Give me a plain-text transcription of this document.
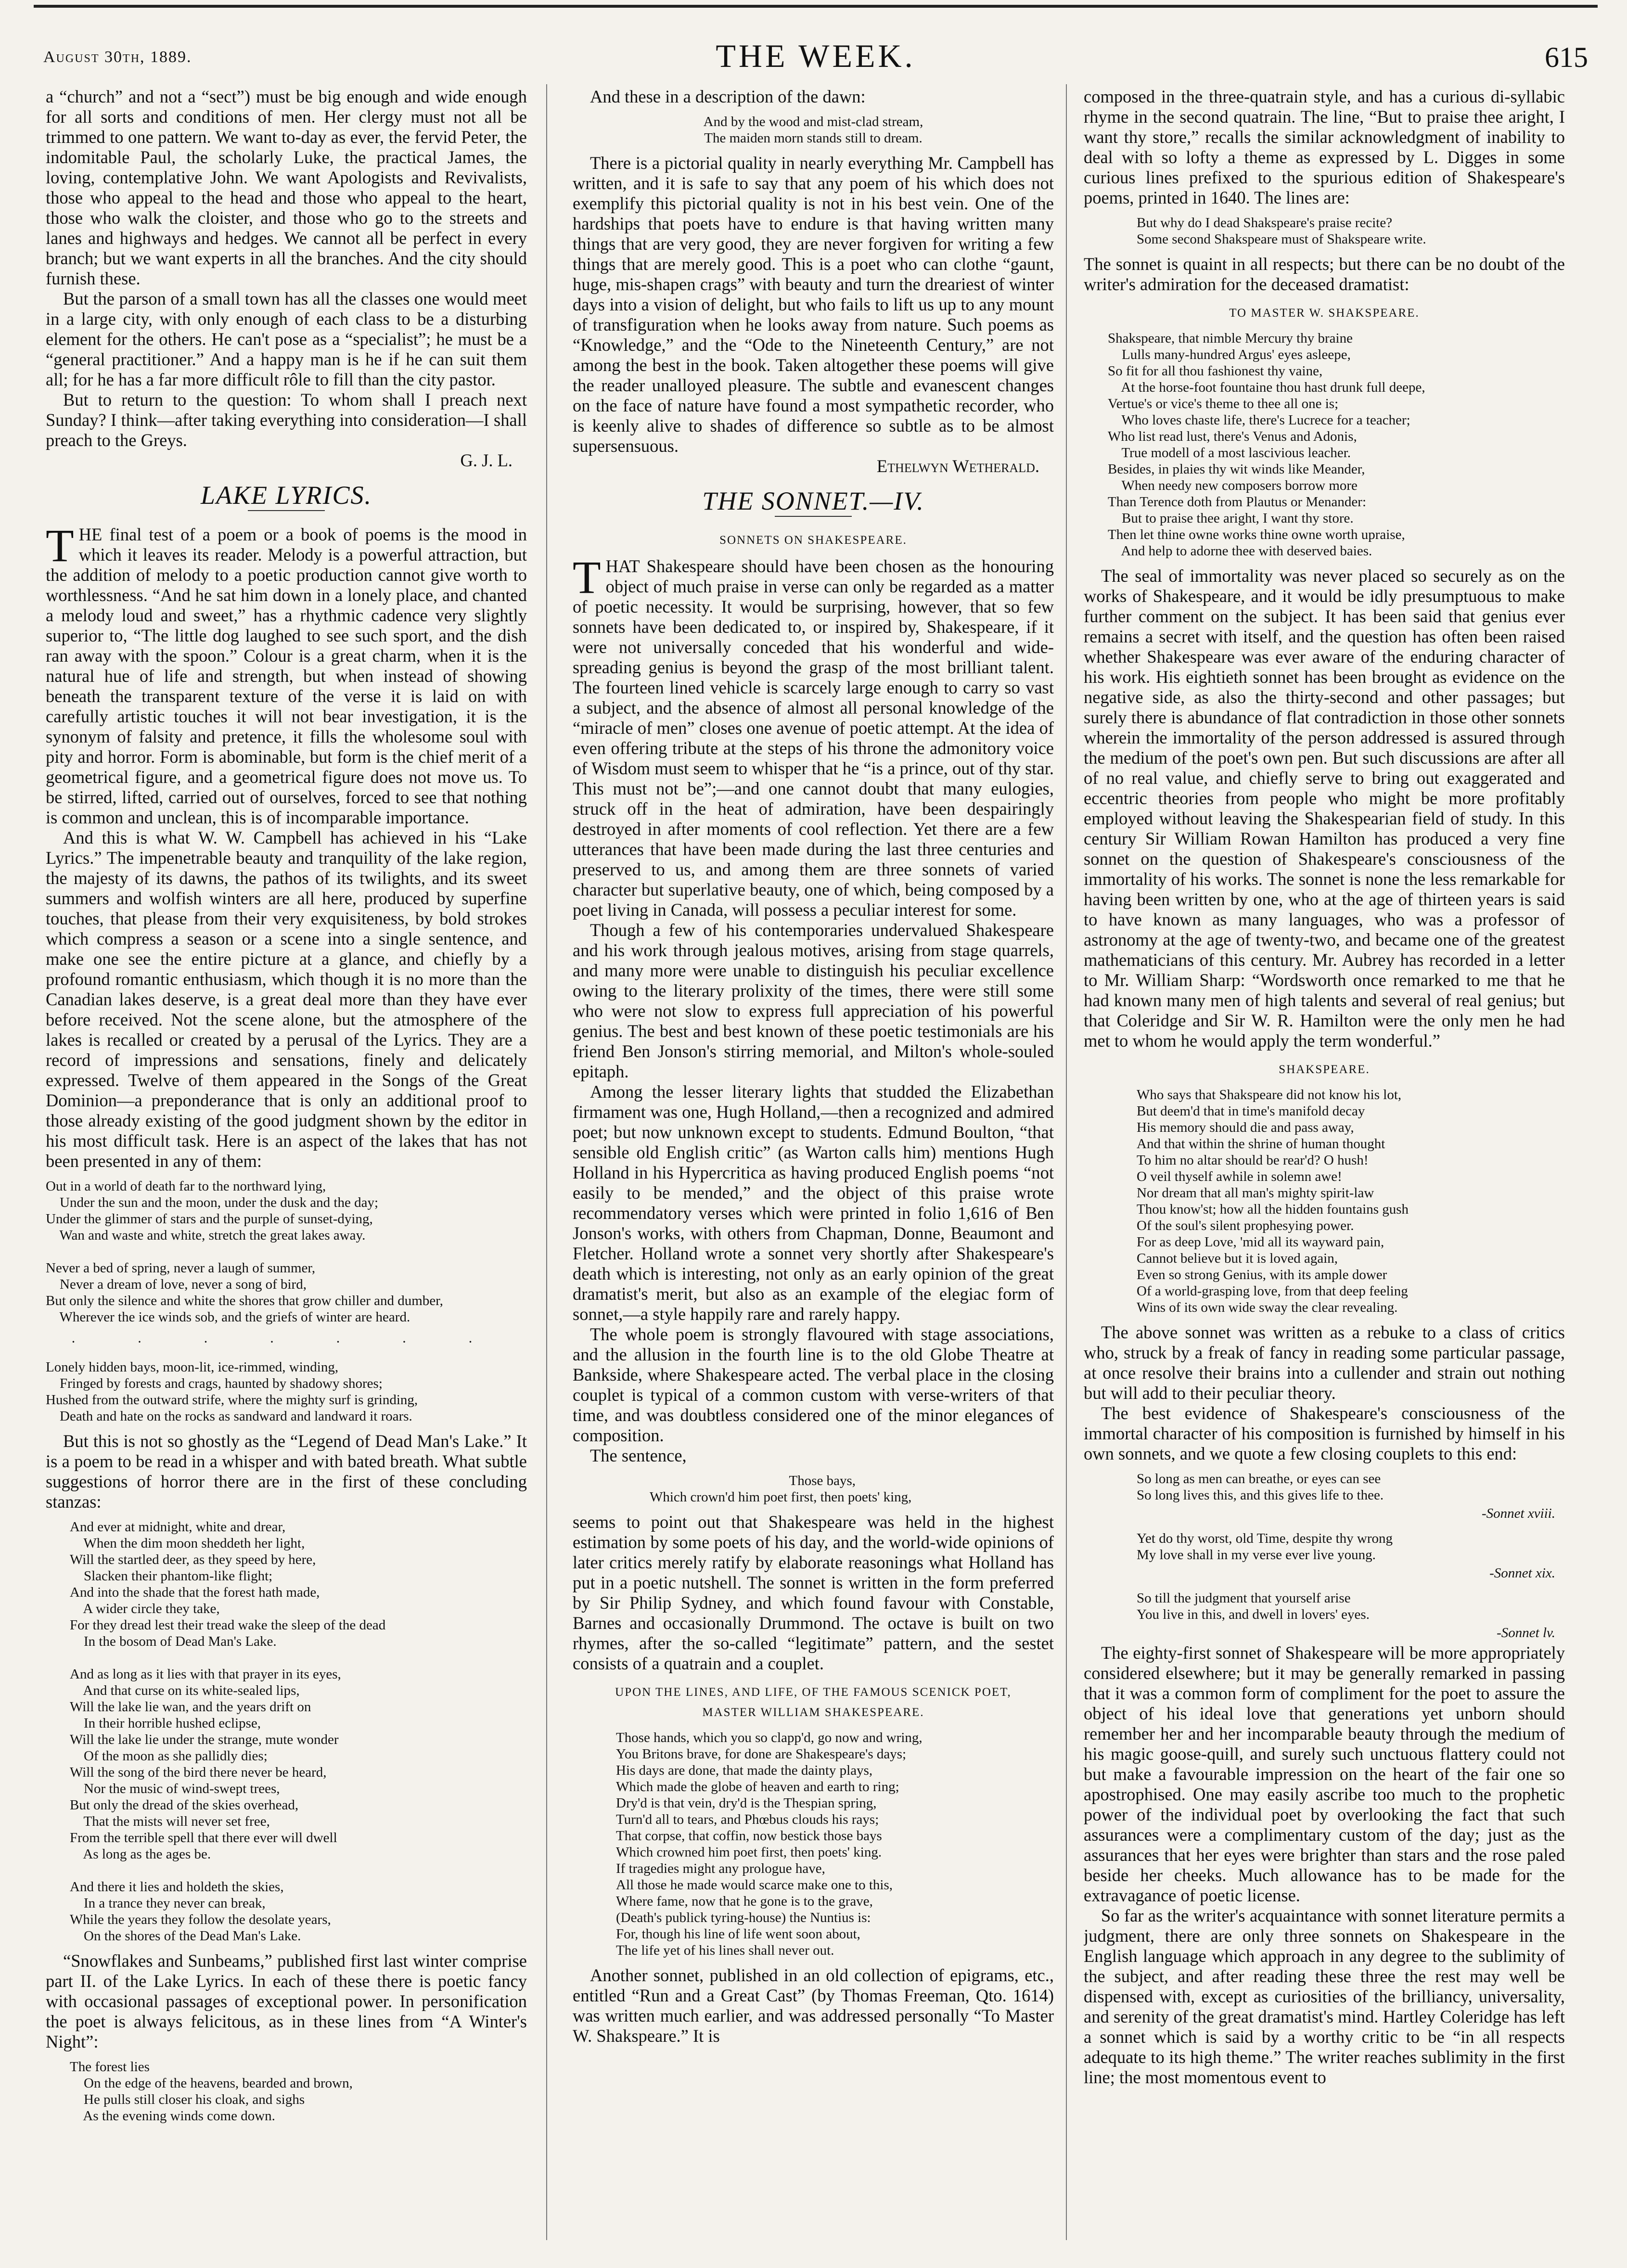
August 30th, 1889.	THE WEEK.	615

a “church” and not a “sect”) must be big enough and wide enough for all sorts and conditions of men. Her clergy must not all be trimmed to one pattern. We want to-day as ever, the fervid Peter, the indomitable Paul, the scholarly Luke, the practical James, the loving, contemplative John. We want Apologists and Revivalists, those who appeal to the head and those who appeal to the heart, those who walk the cloister, and those who go to the streets and lanes and highways and hedges. We cannot all be perfect in every branch; but we want experts in all the branches. And the city should furnish these.

But the parson of a small town has all the classes one would meet in a large city, with only enough of each class to be a disturbing element for the others. He can't pose as a “specialist”; he must be a “general practitioner.” And a happy man is he if he can suit them all; for he has a far more difficult rôle to fill than the city pastor.

But to return to the question: To whom shall I preach next Sunday? I think—after taking everything into consideration—I shall preach to the Greys.

G. J. L.
LAKE LYRICS.

THE final test of a poem or a book of poems is the mood in which it leaves its reader. Melody is a powerful attraction, but the addition of melody to a poetic production cannot give worth to worthlessness. “And he sat him down in a lonely place, and chanted a melody loud and sweet,” has a rhythmic cadence very slightly superior to, “The little dog laughed to see such sport, and the dish ran away with the spoon.” Colour is a great charm, when it is the natural hue of life and strength, but when instead of showing beneath the transparent texture of the verse it is laid on with carefully artistic touches it will not bear investigation, it is the synonym of falsity and pretence, it fills the wholesome soul with pity and horror. Form is abominable, but form is the chief merit of a geometrical figure, and a geometrical figure does not move us. To be stirred, lifted, carried out of ourselves, forced to see that nothing is common and unclean, this is of incomparable importance.

And this is what W. W. Campbell has achieved in his “Lake Lyrics.” The impenetrable beauty and tranquility of the lake region, the majesty of its dawns, the pathos of its twilights, and its sweet summers and wolfish winters are all here, produced by superfine touches, that please from their very exquisiteness, by bold strokes which compress a season or a scene into a single sentence, and make one see the entire picture at a glance, and chiefly by a profound romantic enthusiasm, which though it is no more than the Canadian lakes deserve, is a great deal more than they have ever before received. Not the scene alone, but the atmosphere of the lakes is recalled or created by a perusal of the Lyrics. They are a record of impressions and sensations, finely and delicately expressed. Twelve of them appeared in the Songs of the Great Dominion—a preponderance that is only an additional proof to those already existing of the good judgment shown by the editor in his most difficult task. Here is an aspect of the lakes that has not been presented in any of them:

Out in a world of death far to the northward lying,
Under the sun and the moon, under the dusk and the day;
Under the glimmer of stars and the purple of sunset-dying,
Wan and waste and white, stretch the great lakes away.

Never a bed of spring, never a laugh of summer,
Never a dream of love, never a song of bird,
But only the silence and white the shores that grow chiller and dumber,
Wherever the ice winds sob, and the griefs of winter are heard.
· · · · · · ·
Lonely hidden bays, moon-lit, ice-rimmed, winding,
Fringed by forests and crags, haunted by shadowy shores;
Hushed from the outward strife, where the mighty surf is grinding,
Death and hate on the rocks as sandward and landward it roars.

But this is not so ghostly as the “Legend of Dead Man's Lake.” It is a poem to be read in a whisper and with bated breath. What subtle suggestions of horror there are in the first of these concluding stanzas:

And ever at midnight, white and drear,
When the dim moon sheddeth her light,
Will the startled deer, as they speed by here,
Slacken their phantom-like flight;
And into the shade that the forest hath made,
A wider circle they take,
For they dread lest their tread wake the sleep of the dead
In the bosom of Dead Man's Lake.

And as long as it lies with that prayer in its eyes,
And that curse on its white-sealed lips,
Will the lake lie wan, and the years drift on
In their horrible hushed eclipse,
Will the lake lie under the strange, mute wonder
Of the moon as she pallidly dies;
Will the song of the bird there never be heard,
Nor the music of wind-swept trees,
But only the dread of the skies overhead,
That the mists will never set free,
From the terrible spell that there ever will dwell
As long as the ages be.

And there it lies and holdeth the skies,
In a trance they never can break,
While the years they follow the desolate years,
On the shores of the Dead Man's Lake.

“Snowflakes and Sunbeams,” published first last winter comprise part II. of the Lake Lyrics. In each of these there is poetic fancy with occasional passages of exceptional power. In personification the poet is always felicitous, as in these lines from “A Winter's Night”:

The forest lies
On the edge of the heavens, bearded and brown,
He pulls still closer his cloak, and sighs
As the evening winds come down.

And these in a description of the dawn:

And by the wood and mist-clad stream,
The maiden morn stands still to dream.

There is a pictorial quality in nearly everything Mr. Campbell has written, and it is safe to say that any poem of his which does not exemplify this pictorial quality is not in his best vein. One of the hardships that poets have to endure is that having written many things that are very good, they are never forgiven for writing a few things that are merely good. This is a poet who can clothe “gaunt, huge, mis-shapen crags” with beauty and turn the dreariest of winter days into a vision of delight, but who fails to lift us up to any mount of transfiguration when he looks away from nature. Such poems as “Knowledge,” and the “Ode to the Nineteenth Century,” are not among the best in the book. Taken altogether these poems will give the reader unalloyed pleasure. The subtle and evanescent changes on the face of nature have found a most sympathetic recorder, who is keenly alive to shades of difference so subtle as to be almost supersensuous.

Ethelwyn Wetherald.
THE SONNET.—IV.
SONNETS ON SHAKESPEARE.

THAT Shakespeare should have been chosen as the honouring object of much praise in verse can only be regarded as a matter of poetic necessity. It would be surprising, however, that so few sonnets have been dedicated to, or inspired by, Shakespeare, if it were not universally conceded that his wonderful and wide-spreading genius is beyond the grasp of the most brilliant talent. The fourteen lined vehicle is scarcely large enough to carry so vast a subject, and the absence of almost all personal knowledge of the “miracle of men” closes one avenue of poetic attempt. At the idea of even offering tribute at the steps of his throne the admonitory voice of Wisdom must seem to whisper that he “is a prince, out of thy star. This must not be”;—and one cannot doubt that many eulogies, struck off in the heat of admiration, have been despairingly destroyed in after moments of cool reflection. Yet there are a few utterances that have been made during the last three centuries and preserved to us, and among them are three sonnets of varied character but superlative beauty, one of which, being composed by a poet living in Canada, will possess a peculiar interest for some.

Though a few of his contemporaries undervalued Shakespeare and his work through jealous motives, arising from stage quarrels, and many more were unable to distinguish his peculiar excellence owing to the literary prolixity of the times, there were still some who were not slow to express full appreciation of his powerful genius. The best and best known of these poetic testimonials are his friend Ben Jonson's stirring memorial, and Milton's whole-souled epitaph.

Among the lesser literary lights that studded the Elizabethan firmament was one, Hugh Holland,—then a recognized and admired poet; but now unknown except to students. Edmund Boulton, “that sensible old English critic” (as Warton calls him) mentions Hugh Holland in his Hypercritica as having produced English poems “not easily to be mended,” and the object of this praise wrote recommendatory verses which were printed in folio 1,616 of Ben Jonson's works, with others from Chapman, Donne, Beaumont and Fletcher. Holland wrote a sonnet very shortly after Shakespeare's death which is interesting, not only as an early opinion of the great dramatist's merit, but also as an example of the elegiac form of sonnet,—a style happily rare and rarely happy.

The whole poem is strongly flavoured with stage associations, and the allusion in the fourth line is to the old Globe Theatre at Bankside, where Shakespeare acted. The verbal place in the closing couplet is typical of a common custom with verse-writers of that time, and was doubtless considered one of the minor elegances of composition.

The sentence,

Those bays,
Which crown'd him poet first, then poets' king,

seems to point out that Shakespeare was held in the highest estimation by some poets of his day, and the world-wide opinions of later critics merely ratify by elaborate reasonings what Holland has put in a poetic nutshell. The sonnet is written in the form preferred by Sir Philip Sydney, and which found favour with Constable, Barnes and occasionally Drummond. The octave is built on two rhymes, after the so-called “legitimate” pattern, and the sestet consists of a quatrain and a couplet.

UPON THE LINES, AND LIFE, OF THE FAMOUS SCENICK POET, MASTER WILLIAM SHAKESPEARE.
Those hands, which you so clapp'd, go now and wring,
You Britons brave, for done are Shakespeare's days;
His days are done, that made the dainty plays,
Which made the globe of heaven and earth to ring;
Dry'd is that vein, dry'd is the Thespian spring,
Turn'd all to tears, and Phœbus clouds his rays;
That corpse, that coffin, now bestick those bays
Which crowned him poet first, then poets' king.
If tragedies might any prologue have,
All those he made would scarce make one to this,
Where fame, now that he gone is to the grave,
(Death's publick tyring-house) the Nuntius is:
For, though his line of life went soon about,
The life yet of his lines shall never out.

Another sonnet, published in an old collection of epigrams, etc., entitled “Run and a Great Cast” (by Thomas Freeman, Qto. 1614) was written much earlier, and was addressed personally “To Master W. Shakspeare.” It is

composed in the three-quatrain style, and has a curious di-syllabic rhyme in the second quatrain. The line, “But to praise thee aright, I want thy store,” recalls the similar acknowledgment of inability to deal with so lofty a theme as expressed by L. Digges in some curious lines prefixed to the spurious edition of Shakespeare's poems, printed in 1640. The lines are:

But why do I dead Shakspeare's praise recite?
Some second Shakspeare must of Shakspeare write.

The sonnet is quaint in all respects; but there can be no doubt of the writer's admiration for the deceased dramatist:

TO MASTER W. SHAKSPEARE.
Shakspeare, that nimble Mercury thy braine
Lulls many-hundred Argus' eyes asleepe,
So fit for all thou fashionest thy vaine,
At the horse-foot fountaine thou hast drunk full deepe,
Vertue's or vice's theme to thee all one is;
Who loves chaste life, there's Lucrece for a teacher;
Who list read lust, there's Venus and Adonis,
True modell of a most lascivious leacher.
Besides, in plaies thy wit winds like Meander,
When needy new composers borrow more
Than Terence doth from Plautus or Menander:
But to praise thee aright, I want thy store.
Then let thine owne works thine owne worth upraise,
And help to adorne thee with deserved baies.

The seal of immortality was never placed so securely as on the works of Shakespeare, and it would be idly presumptuous to make further comment on the subject. It has been said that genius ever remains a secret with itself, and the question has often been raised whether Shakespeare was ever aware of the enduring character of his work. His eightieth sonnet has been brought as evidence on the negative side, as also the thirty-second and other passages; but surely there is abundance of flat contradiction in those other sonnets wherein the immortality of the person addressed is assured through the medium of the poet's own pen. But such discussions are after all of no real value, and chiefly serve to bring out exaggerated and eccentric theories from people who might be more profitably employed without leaving the Shakespearian field of study. In this century Sir William Rowan Hamilton has produced a very fine sonnet on the question of Shakespeare's consciousness of the immortality of his works. The sonnet is none the less remarkable for having been written by one, who at the age of thirteen years is said to have known as many languages, who was a professor of astronomy at the age of twenty-two, and became one of the greatest mathematicians of this century. Mr. Aubrey has recorded in a letter to Mr. William Sharp: “Wordsworth once remarked to me that he had known many men of high talents and several of real genius; but that Coleridge and Sir W. R. Hamilton were the only men he had met to whom he would apply the term wonderful.”

SHAKSPEARE.
Who says that Shakspeare did not know his lot,
But deem'd that in time's manifold decay
His memory should die and pass away,
And that within the shrine of human thought
To him no altar should be rear'd? O hush!
O veil thyself awhile in solemn awe!
Nor dream that all man's mighty spirit-law
Thou know'st; how all the hidden fountains gush
Of the soul's silent prophesying power.
For as deep Love, 'mid all its wayward pain,
Cannot believe but it is loved again,
Even so strong Genius, with its ample dower
Of a world-grasping love, from that deep feeling
Wins of its own wide sway the clear revealing.

The above sonnet was written as a rebuke to a class of critics who, struck by a freak of fancy in reading some particular passage, at once resolve their brains into a cullender and strain out nothing but will add to their peculiar theory.

The best evidence of Shakespeare's consciousness of the immortal character of his composition is furnished by himself in his own sonnets, and we quote a few closing couplets to this end:

So long as men can breathe, or eyes can see
So long lives this, and this gives life to thee.
-Sonnet xviii.
Yet do thy worst, old Time, despite thy wrong
My love shall in my verse ever live young.
-Sonnet xix.
So till the judgment that yourself arise
You live in this, and dwell in lovers' eyes.
-Sonnet lv.

The eighty-first sonnet of Shakespeare will be more appropriately considered elsewhere; but it may be generally remarked in passing that it was a common form of compliment for the poet to assure the object of his ideal love that generations yet unborn should remember her and her incomparable beauty through the medium of his magic goose-quill, and surely such unctuous flattery could not but make a favourable impression on the heart of the fair one so apostrophised. One may easily ascribe too much to the prophetic power of the individual poet by overlooking the fact that such assurances were a complimentary custom of the day; just as the assurances that her eyes were brighter than stars and the rose paled beside her cheeks. Much allowance has to be made for the extravagance of poetic license.

So far as the writer's acquaintance with sonnet literature permits a judgment, there are only three sonnets on Shakespeare in the English language which approach in any degree to the sublimity of the subject, and after reading these three the rest may well be dispensed with, except as curiosities of the brilliancy, universality, and serenity of the great dramatist's mind. Hartley Coleridge has left a sonnet which is said by a worthy critic to be “in all respects adequate to its high theme.” The writer reaches sublimity in the first line; the most momentous event to
